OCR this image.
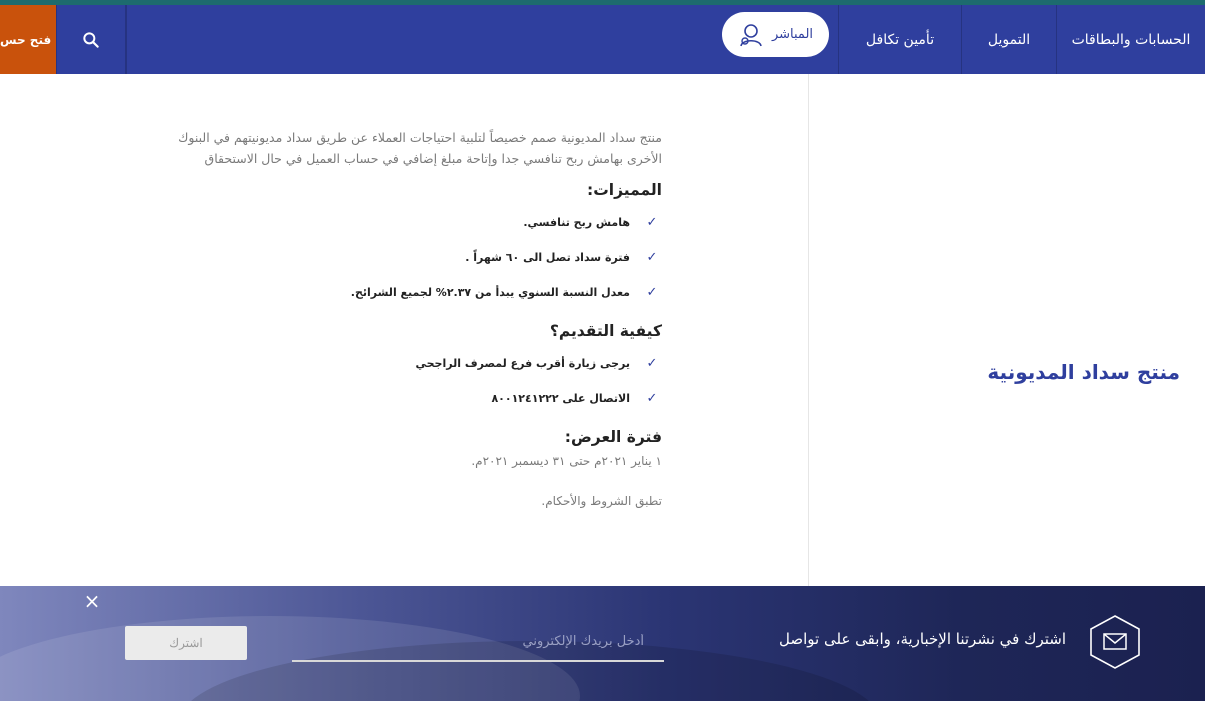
الحسابات والبطاقات
التمويل
تأمين تكافل
المباشر
فتح حس
منتج سداد المديونية

منتج سداد المديونية صمم خصيصاً لتلبية احتياجات العملاء عن طريق سداد مديونيتهم في البنوك الأخرى بهامش ربح تنافسي جدا وإتاحة مبلغ إضافي في حساب العميل في حال الاستحقاق

المميزات:
✓
هامش ربح تنافسي.
✓
فترة سداد تصل الى ٦٠ شهراً .
✓
معدل النسبة السنوي يبدأ من ٢.٣٧% لجميع الشرائح.
كيفية التقديم؟
✓
يرجى زيارة أقرب فرع لمصرف الراجحي
✓
الاتصال على ٨٠٠١٢٤١٢٢٢
فترة العرض:

١ يناير ٢٠٢١م حتى ٣١ ديسمبر ٢٠٢١م.

تطبق الشروط والأحكام.

×
اشترك
أدخل بريدك الإلكتروني	اشترك في نشرتنا الإخبارية، وابقى على تواصل
